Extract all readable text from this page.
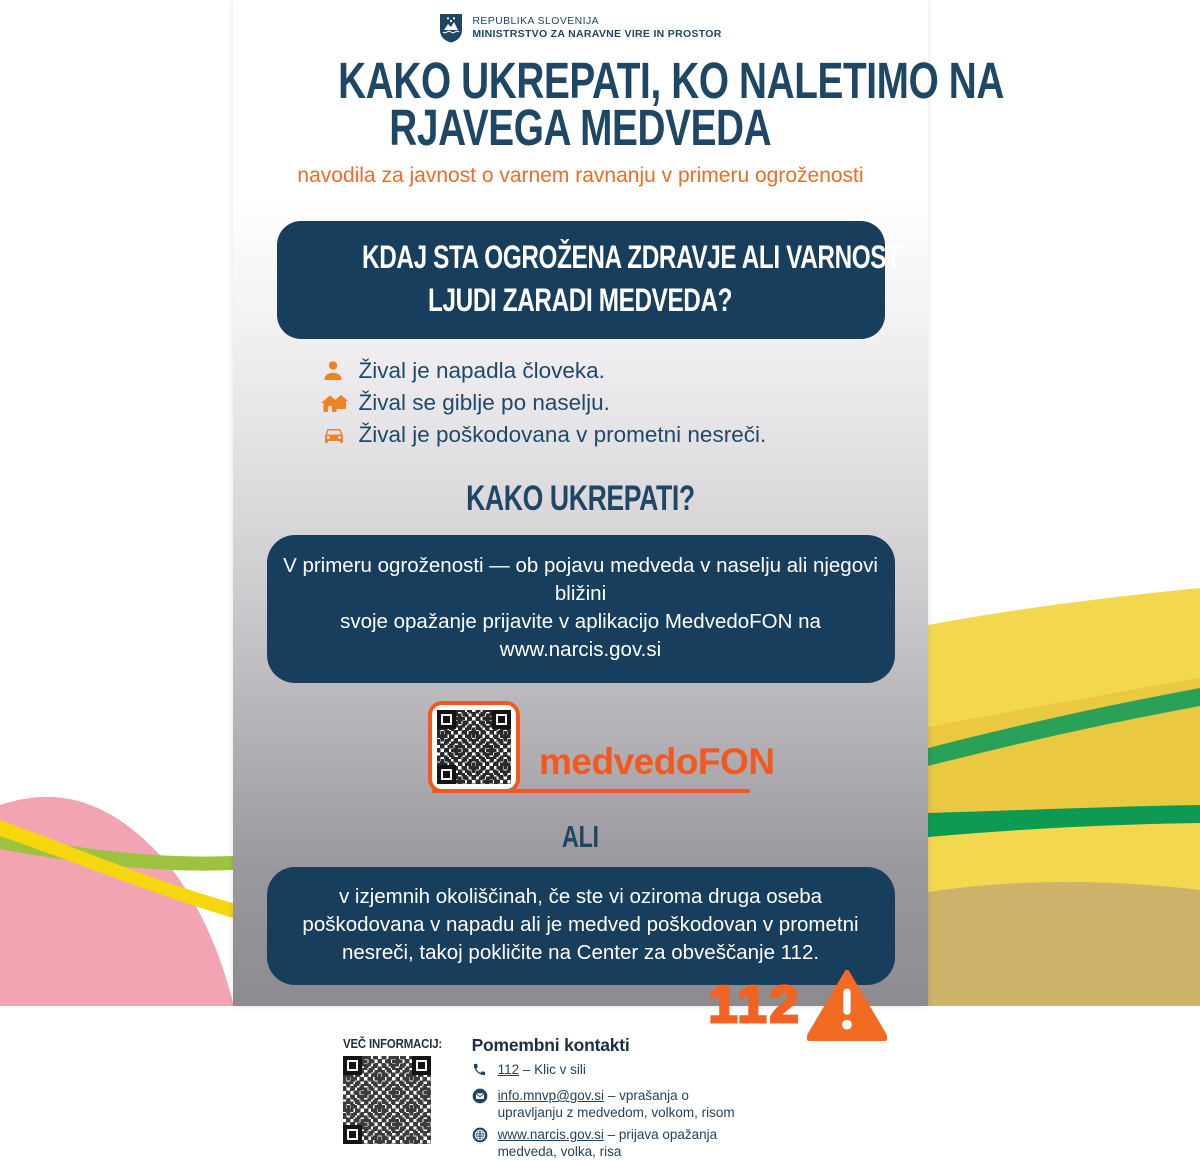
REPUBLIKA SLOVENIJA
MINISTRSTVO ZA NARAVNE VIRE IN PROSTOR
KAKO UKREPATI, KO NALETIMO NA
RJAVEGA MEDVEDA
navodila za javnost o varnem ravnanju v primeru ogroženosti
KDAJ STA OGROŽENA ZDRAVJE ALI VARNOST
LJUDI ZARADI MEDVEDA?
Žival je napadla človeka.
Žival se giblje po naselju.
Žival je poškodovana v prometni nesreči.
KAKO UKREPATI?
V primeru ogroženosti — ob pojavu medveda v naselju ali njegovi bližini
svoje opažanje prijavite v aplikacijo MedvedoFON na www.narcis.gov.si
medvedoFON
ALI
v izjemnih okoliščinah, če ste vi oziroma druga oseba
poškodovana v napadu ali je medved poškodovan v prometni
nesreči, takoj pokličite na Center za obveščanje 112.
112
VEČ INFORMACIJ:	Pomembni kontakti
112 – Klic v sili
info.mnvp@gov.si – vprašanja o
upravljanju z medvedom, volkom, risom
www.narcis.gov.si – prijava opažanja
medveda, volka, risa
